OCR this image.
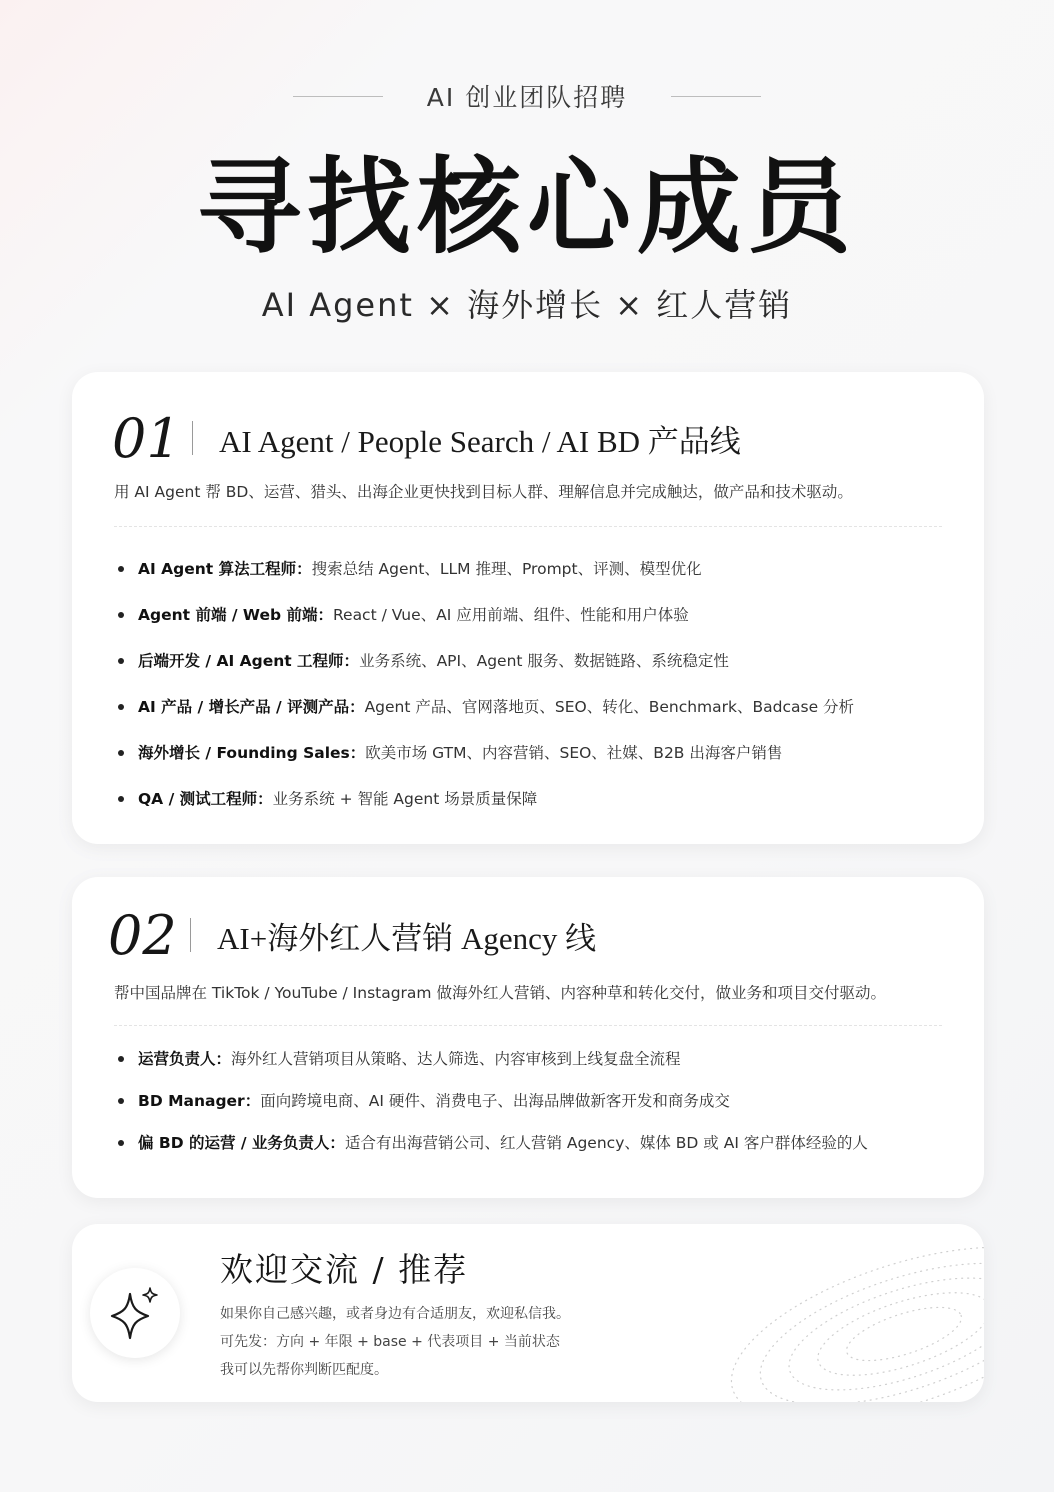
AI 创业团队招聘
寻找核心成员
AI Agent × 海外增长 × 红人营销
01	AI Agent / People Search / AI BD 产品线
用 AI Agent 帮 BD、运营、猎头、出海企业更快找到目标人群、理解信息并完成触达，做产品和技术驱动。
AI Agent 算法工程师：搜索总结 Agent、LLM 推理、Prompt、评测、模型优化
Agent 前端 / Web 前端：React / Vue、AI 应用前端、组件、性能和用户体验
后端开发 / AI Agent 工程师：业务系统、API、Agent 服务、数据链路、系统稳定性
AI 产品 / 增长产品 / 评测产品：Agent 产品、官网落地页、SEO、转化、Benchmark、Badcase 分析
海外增长 / Founding Sales：欧美市场 GTM、内容营销、SEO、社媒、B2B 出海客户销售
QA / 测试工程师：业务系统 + 智能 Agent 场景质量保障
02	AI+海外红人营销 Agency 线
帮中国品牌在 TikTok / YouTube / Instagram 做海外红人营销、内容种草和转化交付，做业务和项目交付驱动。
运营负责人：海外红人营销项目从策略、达人筛选、内容审核到上线复盘全流程
BD Manager：面向跨境电商、AI 硬件、消费电子、出海品牌做新客开发和商务成交
偏 BD 的运营 / 业务负责人：适合有出海营销公司、红人营销 Agency、媒体 BD 或 AI 客户群体经验的人
欢迎交流 / 推荐
如果你自己感兴趣，或者身边有合适朋友，欢迎私信我。
可先发：方向 + 年限 + base + 代表项目 + 当前状态
我可以先帮你判断匹配度。
